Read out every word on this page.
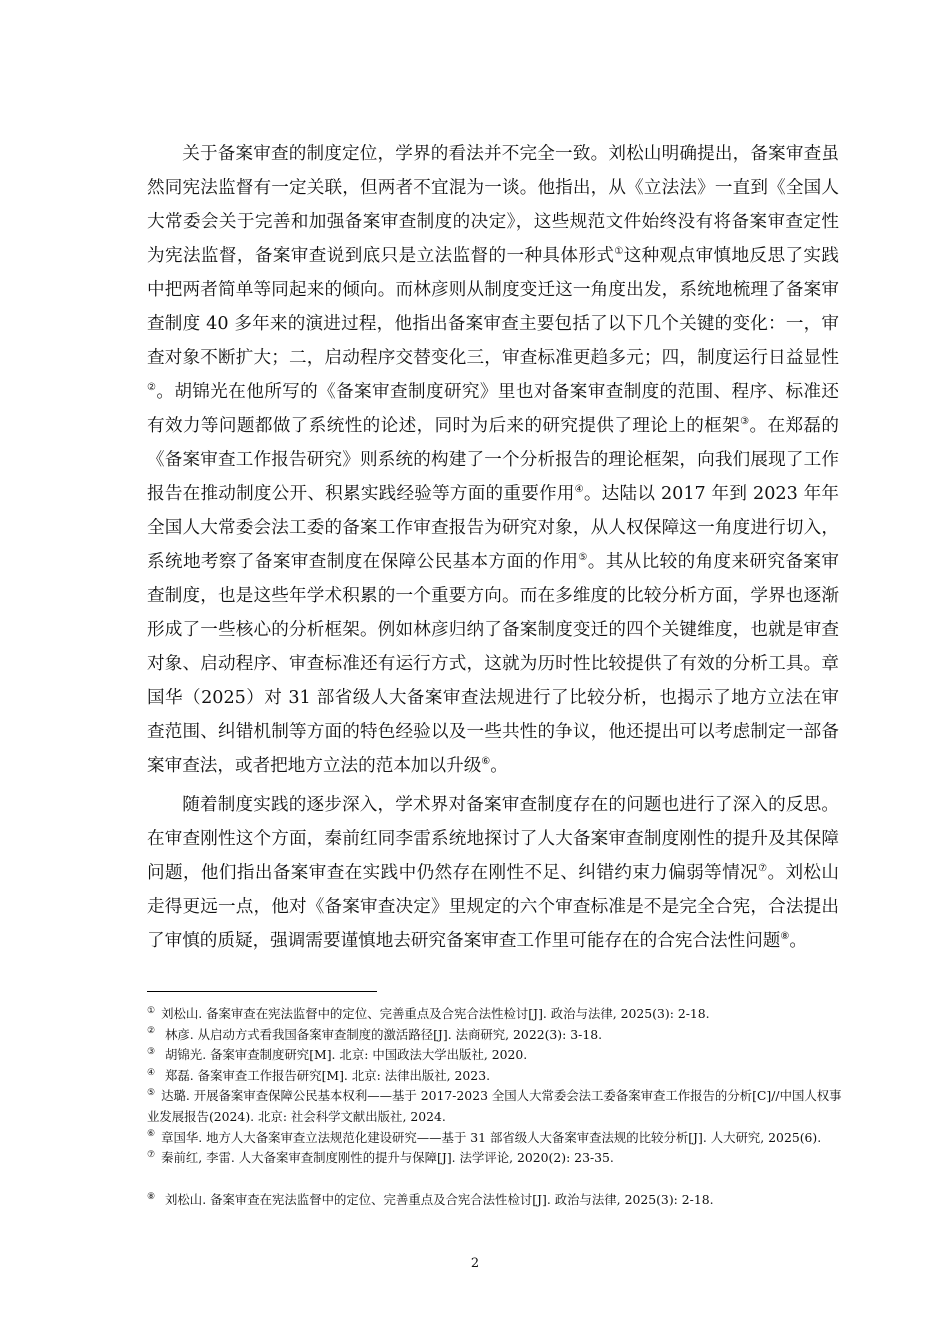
关于备案审查的制度定位，学界的看法并不完全一致。刘松山明确提出，备案审查虽然同宪法监督有一定关联，但两者不宜混为一谈。他指出，从《立法法》一直到《全国人大常委会关于完善和加强备案审查制度的决定》，这些规范文件始终没有将备案审查定性为宪法监督，备案审查说到底只是立法监督的一种具体形式①这种观点审慎地反思了实践中把两者简单等同起来的倾向。而林彦则从制度变迁这一角度出发，系统地梳理了备案审查制度 40 多年来的演进过程，他指出备案审查主要包括了以下几个关键的变化：一，审查对象不断扩大；二，启动程序交替变化三，审查标准更趋多元；四，制度运行日益显性②。胡锦光在他所写的《备案审查制度研究》里也对备案审查制度的范围、程序、标准还有效力等问题都做了系统性的论述，同时为后来的研究提供了理论上的框架③。在郑磊的《备案审查工作报告研究》则系统的构建了一个分析报告的理论框架，向我们展现了工作报告在推动制度公开、积累实践经验等方面的重要作用④。达陆以 2017 年到 2023 年年全国人大常委会法工委的备案工作审查报告为研究对象，从人权保障这一角度进行切入，系统地考察了备案审查制度在保障公民基本方面的作用⑤。其从比较的角度来研究备案审查制度，也是这些年学术积累的一个重要方向。而在多维度的比较分析方面，学界也逐渐形成了一些核心的分析框架。例如林彦归纳了备案制度变迁的四个关键维度，也就是审查对象、启动程序、审查标准还有运行方式，这就为历时性比较提供了有效的分析工具。章国华（2025）对 31 部省级人大备案审查法规进行了比较分析，也揭示了地方立法在审查范围、纠错机制等方面的特色经验以及一些共性的争议，他还提出可以考虑制定一部备案审查法，或者把地方立法的范本加以升级⑥。

随着制度实践的逐步深入，学术界对备案审查制度存在的问题也进行了深入的反思。在审查刚性这个方面，秦前红同李雷系统地探讨了人大备案审查制度刚性的提升及其保障问题，他们指出备案审查在实践中仍然存在刚性不足、纠错约束力偏弱等情况⑦。刘松山走得更远一点，他对《备案审查决定》里规定的六个审查标准是不是完全合宪，合法提出了审慎的质疑，强调需要谨慎地去研究备案审查工作里可能存在的合宪合法性问题⑧。

① 刘松山. 备案审查在宪法监督中的定位、完善重点及合宪合法性检讨[J]. 政治与法律, 2025(3): 2-18.

② 林彦. 从启动方式看我国备案审查制度的激活路径[J]. 法商研究, 2022(3): 3-18.

③ 胡锦光. 备案审查制度研究[M]. 北京: 中国政法大学出版社, 2020.

④ 郑磊. 备案审查工作报告研究[M]. 北京: 法律出版社, 2023.

⑤ 达璐. 开展备案审查保障公民基本权利——基于 2017-2023 全国人大常委会法工委备案审查工作报告的分析[C]//中国人权事业发展报告(2024). 北京: 社会科学文献出版社, 2024.

⑥ 章国华. 地方人大备案审查立法规范化建设研究——基于 31 部省级人大备案审查法规的比较分析[J]. 人大研究, 2025(6).

⑦ 秦前红, 李雷. 人大备案审查制度刚性的提升与保障[J]. 法学评论, 2020(2): 23-35.

⑧ 刘松山. 备案审查在宪法监督中的定位、完善重点及合宪合法性检讨[J]. 政治与法律, 2025(3): 2-18.

2
